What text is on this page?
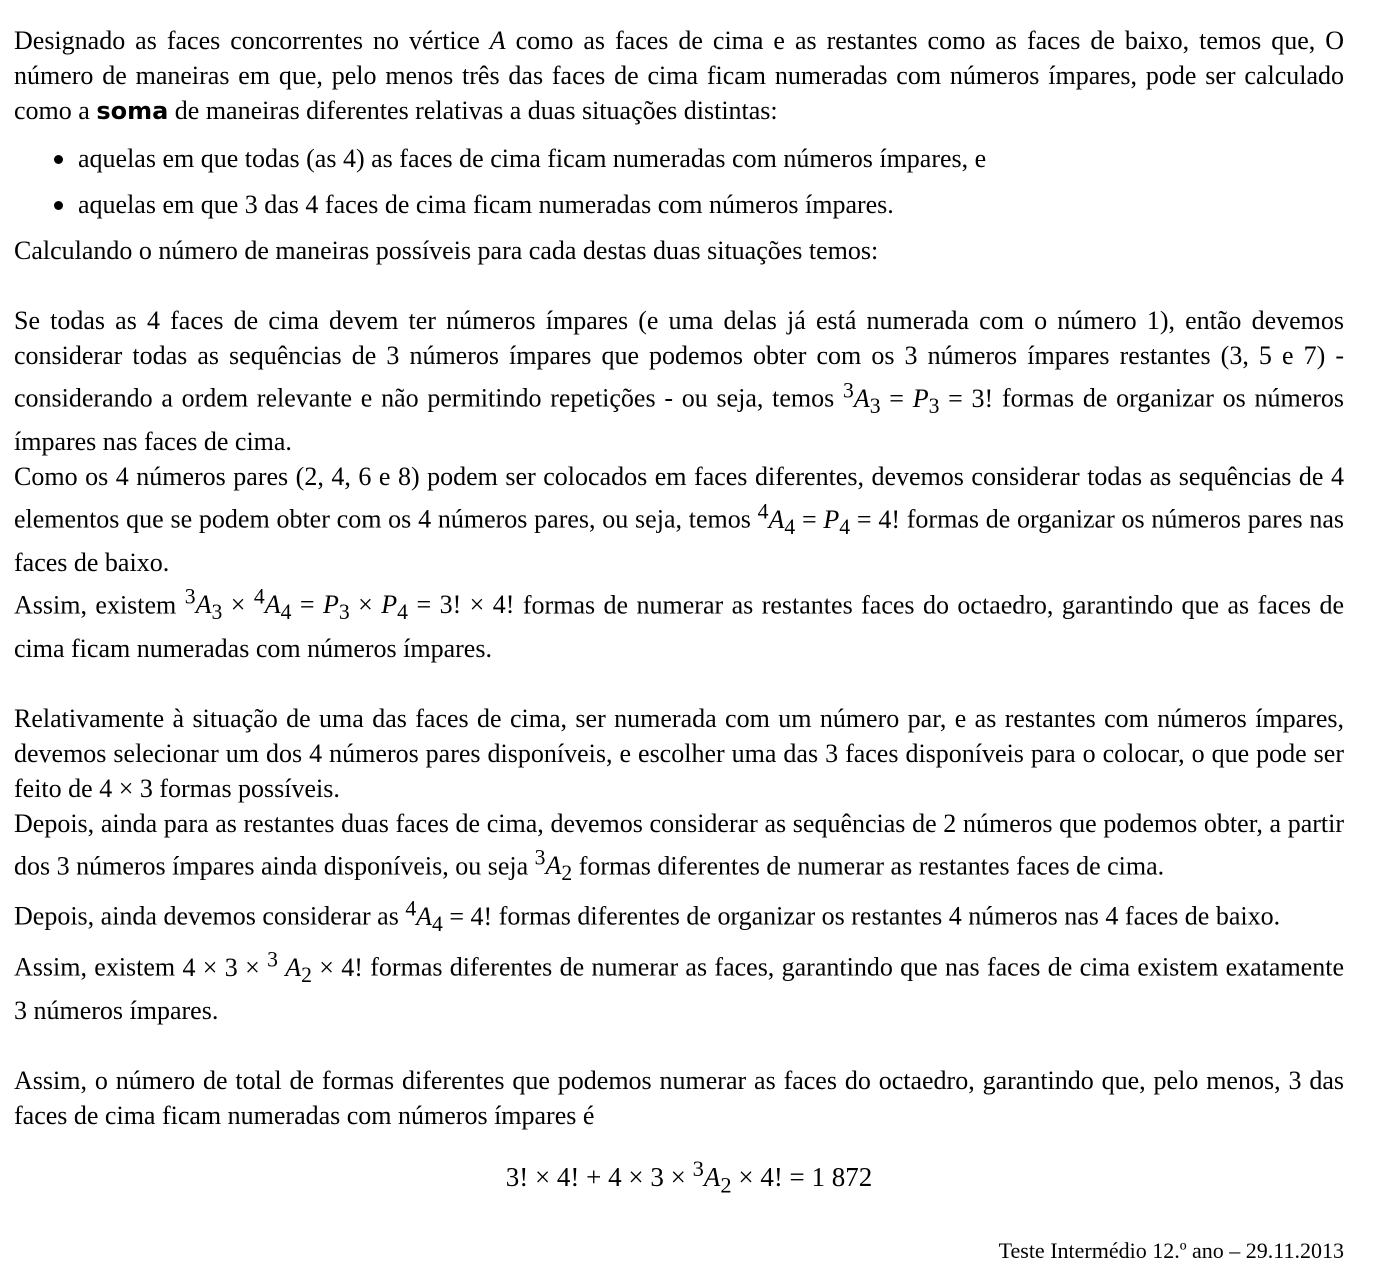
Designado as faces concorrentes no vértice A como as faces de cima e as restantes como as faces de baixo, temos que, O número de maneiras em que, pelo menos três das faces de cima ficam numeradas com números ímpares, pode ser calculado como a soma de maneiras diferentes relativas a duas situações distintas:

aquelas em que todas (as 4) as faces de cima ficam numeradas com números ímpares, e
aquelas em que 3 das 4 faces de cima ficam numeradas com números ímpares.

Calculando o número de maneiras possíveis para cada destas duas situações temos:

Se todas as 4 faces de cima devem ter números ímpares (e uma delas já está numerada com o número 1), então devemos considerar todas as sequências de 3 números ímpares que podemos obter com os 3 números ímpares restantes (3, 5 e 7) - considerando a ordem relevante e não permitindo repetições - ou seja, temos $^3A_3 = P_3 = 3$! formas de organizar os números ímpares nas faces de cima.

Como os 4 números pares (2, 4, 6 e 8) podem ser colocados em faces diferentes, devemos considerar todas as sequências de 4 elementos que se podem obter com os 4 números pares, ou seja, temos $^4A_4 = P_4 = 4$! formas de organizar os números pares nas faces de baixo.

Assim, existem $^3A_3 \times ^4A_4 = P_3 \times P_4 = 3$! × 4! formas de numerar as restantes faces do octaedro, garantindo que as faces de cima ficam numeradas com números ímpares.

Relativamente à situação de uma das faces de cima, ser numerada com um número par, e as restantes com números ímpares, devemos selecionar um dos 4 números pares disponíveis, e escolher uma das 3 faces disponíveis para o colocar, o que pode ser feito de 4 × 3 formas possíveis.

Depois, ainda para as restantes duas faces de cima, devemos considerar as sequências de 2 números que podemos obter, a partir dos 3 números ímpares ainda disponíveis, ou seja $^3A_2$ formas diferentes de numerar as restantes faces de cima.

Depois, ainda devemos considerar as $^4A_4 = 4$! formas diferentes de organizar os restantes 4 números nas 4 faces de baixo.

Assim, existem 4 × 3 × $^3$ $A_2 \times 4$! formas diferentes de numerar as faces, garantindo que nas faces de cima existem exatamente 3 números ímpares.

Assim, o número de total de formas diferentes que podemos numerar as faces do octaedro, garantindo que, pelo menos, 3 das faces de cima ficam numeradas com números ímpares é

3! × 4! + $4 \times 3 \times ^3A_2 \times 4$! = 1 872
Teste Intermédio 12.º ano – 29.11.2013
